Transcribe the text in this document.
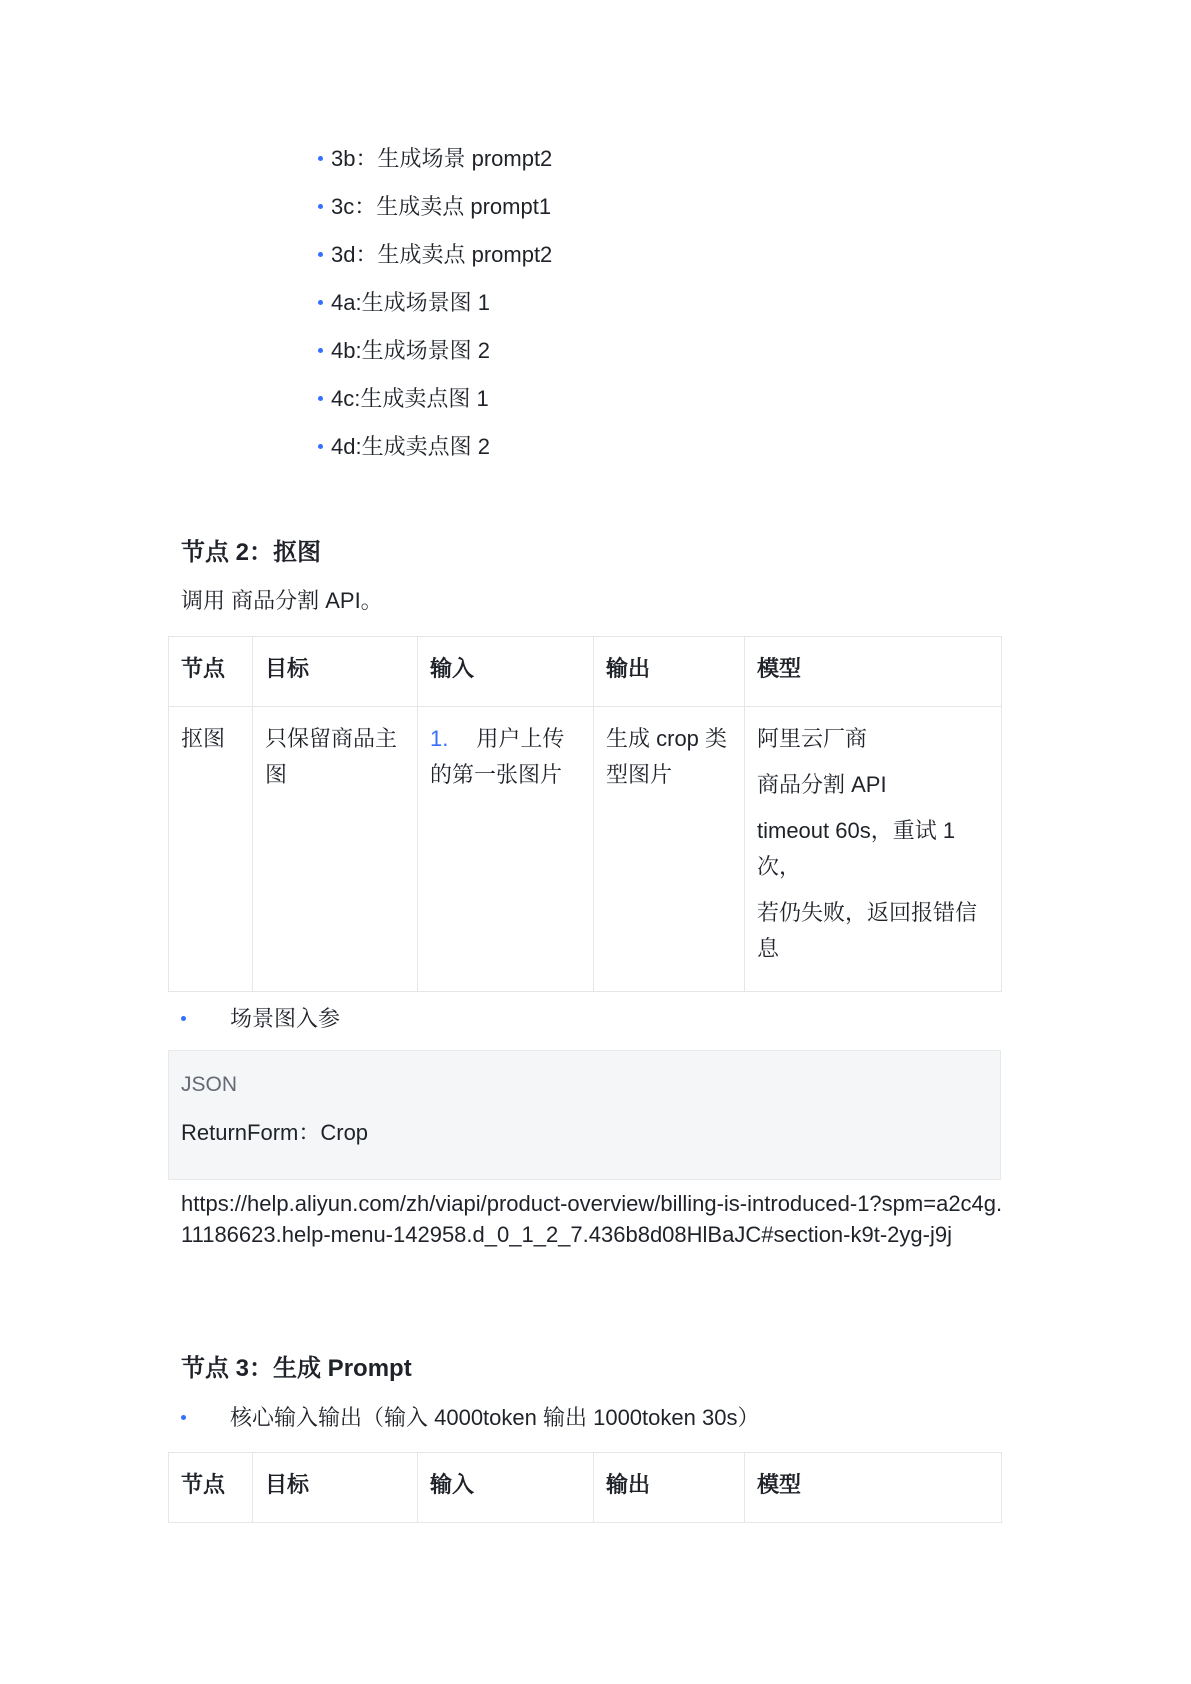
3b：生成场景 prompt2
3c：生成卖点 prompt1
3d：生成卖点 prompt2
4a:生成场景图 1
4b:生成场景图 2
4c:生成卖点图 1
4d:生成卖点图 2
节点 2：抠图
调用 商品分割 API。
节点	目标	输入	输出	模型
抠图	只保留商品主图	1. 用户上传的第一张图片	生成 crop 类型图片	阿里云厂商

商品分割 API

timeout 60s，重试 1 次，

若仍失败，返回报错信息

场景图入参
JSON
ReturnForm：Crop
https://help.aliyun.com/zh/viapi/product-overview/billing-is-introduced-1?spm=a2c4g.11186623.help-menu-142958.d_0_1_2_7.436b8d08HlBaJC#section-k9t-2yg-j9j
节点 3：生成 Prompt
核心输入输出（输入 4000token 输出 1000token 30s）
节点	目标	输入	输出	模型
